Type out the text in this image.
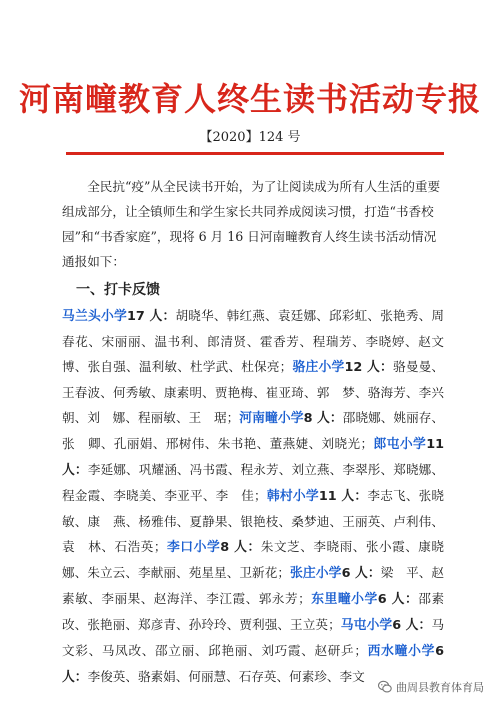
河南疃教育人终生读书活动专报
【2020】124 号

全民抗“疫”从全民读书开始，为了让阅读成为所有人生活的重要组成部分，让全镇师生和学生家长共同养成阅读习惯，打造“书香校园”和“书香家庭”，现将 6 月 16 日河南疃教育人终生读书活动情况通报如下：

一、打卡反馈

马兰头小学17 人：胡晓华、韩红燕、袁廷娜、邱彩虹、张艳秀、周春花、宋丽丽、温书利、郎清贤、霍香芳、程瑞芳、李晓婷、赵文博、张自强、温利敏、杜学武、杜保亮；骆庄小学12 人：骆曼曼、王春波、何秀敏、康素明、贾艳梅、崔亚琦、郭　梦、骆海芳、李兴朝、刘　娜、程丽敏、王　琚；河南疃小学8 人：邵晓娜、姚丽存、张　卿、孔丽娟、邢树伟、朱书艳、董燕婕、刘晓光；郎屯小学11 人：李延娜、巩耀涵、冯书霞、程永芳、刘立燕、李翠彤、郑晓娜、程金霞、李晓美、李亚平、李　佳；韩村小学11 人：李志飞、张晓敏、康　燕、杨雅伟、夏静果、银艳枝、桑梦迪、王丽英、卢利伟、袁　林、石浩英；李口小学8 人：朱文芝、李晓雨、张小霞、康晓娜、朱立云、李献丽、苑星星、卫新花；张庄小学6 人：梁　平、赵素敏、李丽果、赵海洋、李江霞、郭永芳；东里疃小学6 人：邵素改、张艳丽、郑彦青、孙玲玲、贾利强、王立英；马屯小学6 人：马文彩、马凤改、邵立丽、邱艳丽、刘巧霞、赵研乒；西水疃小学6 人：李俊英、骆素娟、何丽慧、石存英、何素珍、李文

曲周县教育体育局
